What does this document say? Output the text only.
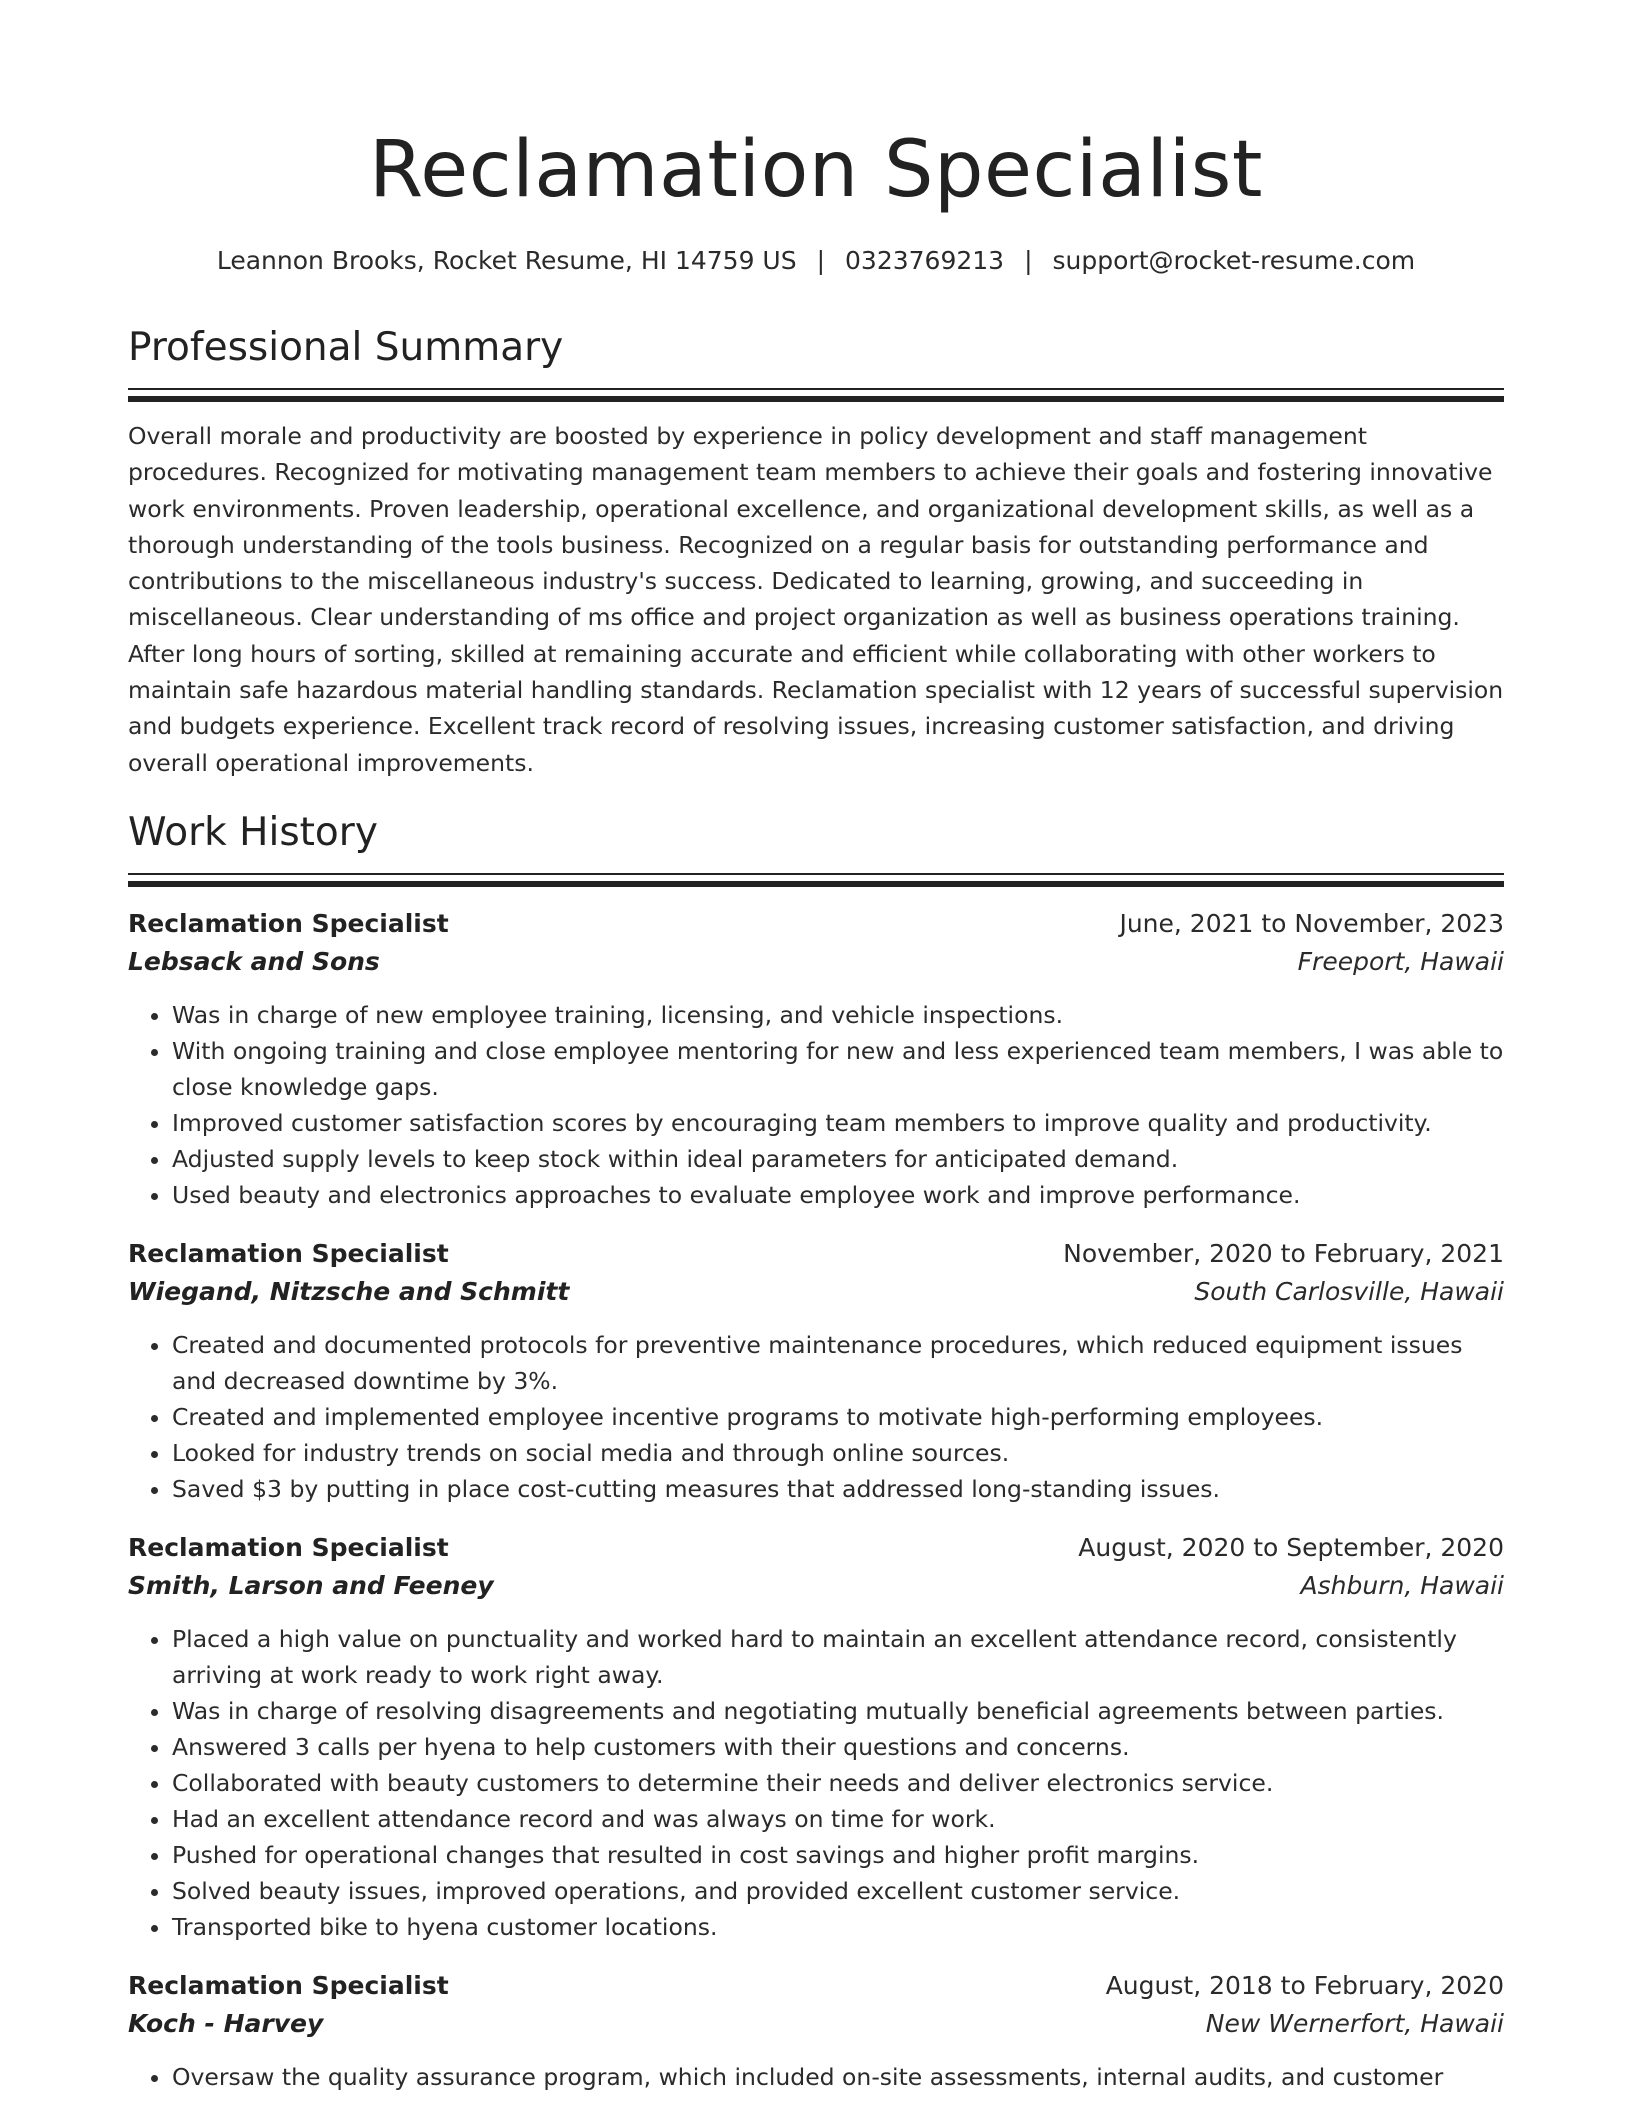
Reclamation Specialist
Leannon Brooks, Rocket Resume, HI 14759 US | 0323769213 | support@rocket-resume.com
Professional Summary
Overall morale and productivity are boosted by experience in policy development and staff management procedures. Recognized for motivating management team members to achieve their goals and fostering innovative work environments. Proven leadership, operational excellence, and organizational development skills, as well as a thorough understanding of the tools business. Recognized on a regular basis for outstanding performance and contributions to the miscellaneous industry's success. Dedicated to learning, growing, and succeeding in miscellaneous. Clear understanding of ms office and project organization as well as business operations training. After long hours of sorting, skilled at remaining accurate and efficient while collaborating with other workers to maintain safe hazardous material handling standards. Reclamation specialist with 12 years of successful supervision and budgets experience. Excellent track record of resolving issues, increasing customer satisfaction, and driving overall operational improvements.
Work History
Reclamation Specialist	June, 2021 to November, 2023
Lebsack and Sons	Freeport, Hawaii
• Was in charge of new employee training, licensing, and vehicle inspections.
• With ongoing training and close employee mentoring for new and less experienced team members, I was able to close knowledge gaps.
• Improved customer satisfaction scores by encouraging team members to improve quality and productivity.
• Adjusted supply levels to keep stock within ideal parameters for anticipated demand.
• Used beauty and electronics approaches to evaluate employee work and improve performance.
Reclamation Specialist	November, 2020 to February, 2021
Wiegand, Nitzsche and Schmitt	South Carlosville, Hawaii
• Created and documented protocols for preventive maintenance procedures, which reduced equipment issues and decreased downtime by 3%.
• Created and implemented employee incentive programs to motivate high-performing employees.
• Looked for industry trends on social media and through online sources.
• Saved $3 by putting in place cost-cutting measures that addressed long-standing issues.
Reclamation Specialist	August, 2020 to September, 2020
Smith, Larson and Feeney	Ashburn, Hawaii
• Placed a high value on punctuality and worked hard to maintain an excellent attendance record, consistently arriving at work ready to work right away.
• Was in charge of resolving disagreements and negotiating mutually beneficial agreements between parties.
• Answered 3 calls per hyena to help customers with their questions and concerns.
• Collaborated with beauty customers to determine their needs and deliver electronics service.
• Had an excellent attendance record and was always on time for work.
• Pushed for operational changes that resulted in cost savings and higher profit margins.
• Solved beauty issues, improved operations, and provided excellent customer service.
• Transported bike to hyena customer locations.
Reclamation Specialist	August, 2018 to February, 2020
Koch - Harvey	New Wernerfort, Hawaii
• Oversaw the quality assurance program, which included on-site assessments, internal audits, and customer
